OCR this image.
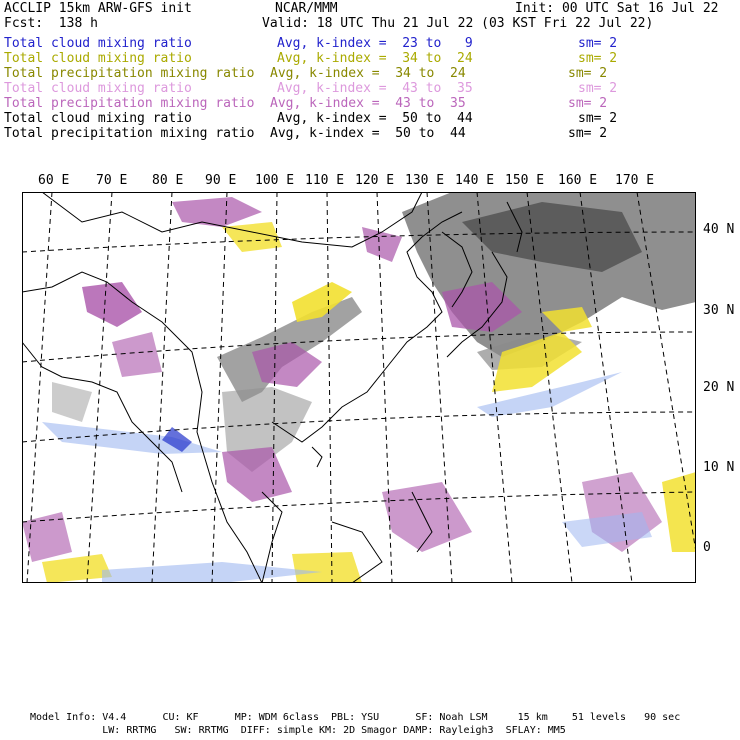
ACCLIP 15km ARW-GFS init	NCAR/MMM	Init: 00 UTC Sat 16 Jul 22
Fcst:  138 h	Valid: 18 UTC Thu 21 Jul 22 (03 KST Fri 22 Jul 22)
Total cloud mixing ratio	Avg, k-index =  23 to   9	sm= 2
Total cloud mixing ratio	Avg, k-index =  34 to  24	sm= 2
Total precipitation mixing ratio Avg, k-index =  34 to  24	sm= 2
Total cloud mixing ratio	Avg, k-index =  43 to  35	sm= 2
Total precipitation mixing ratio Avg, k-index =  43 to  35	sm= 2
Total cloud mixing ratio	Avg, k-index =  50 to  44	sm= 2
Total precipitation mixing ratio Avg, k-index =  50 to  44	sm= 2
60 E 70 E 80 E 90 E 100 E 110 E 120 E 130 E 140 E 150 E 160 E 170 E
40 N
30 N
20 N
10 N
0
Model Info: V4.4      CU: KF      MP: WDM 6class  PBL: YSU      SF: Noah LSM     15 km    51 levels   90 sec
LW: RRTMG   SW: RRTMG  DIFF: simple KM: 2D Smagor DAMP: Rayleigh3  SFLAY: MM5
